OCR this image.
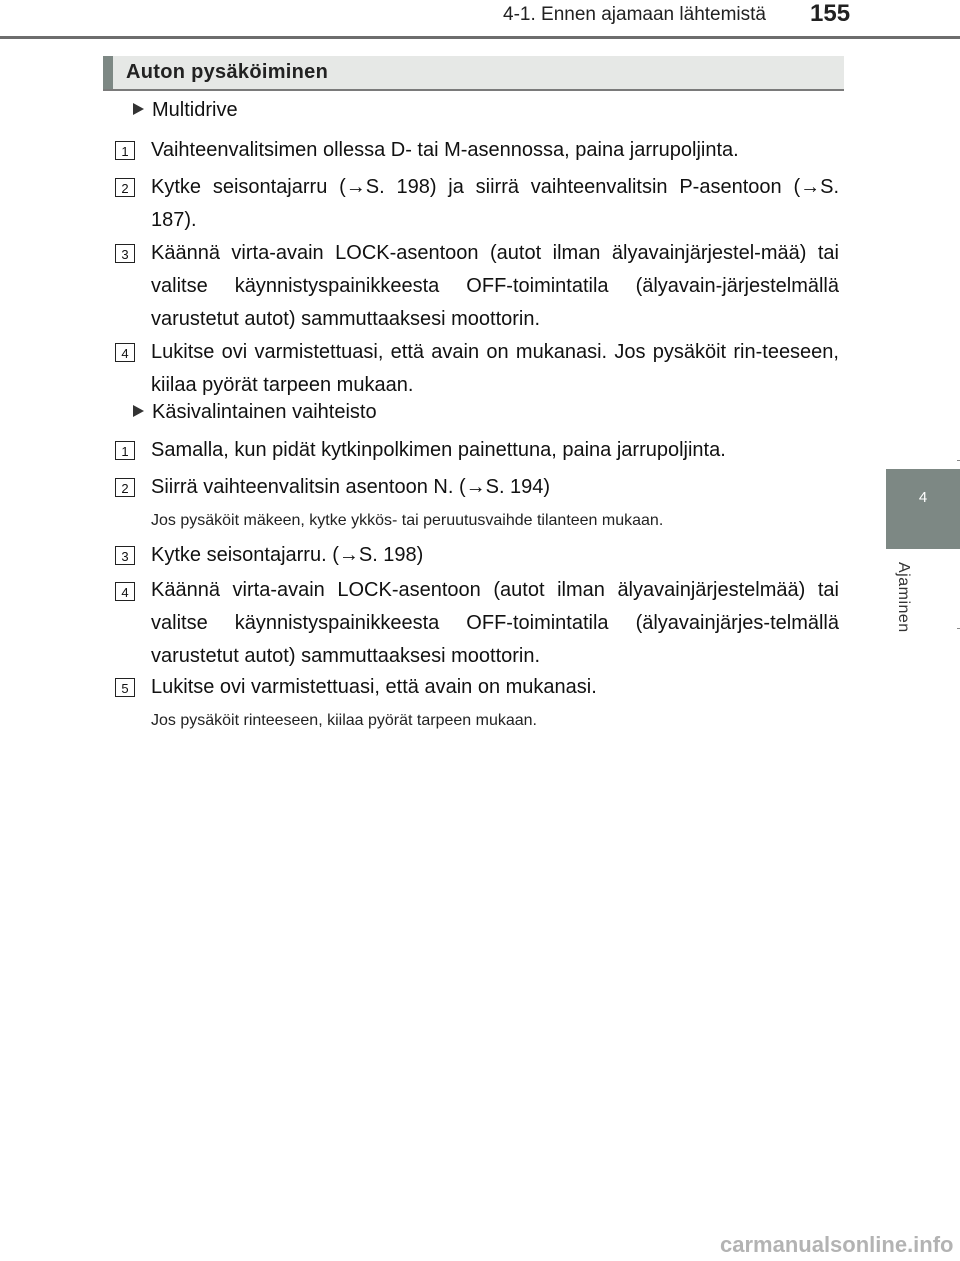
4-1. Ennen ajamaan lähtemistä 155
4
Ajaminen
Auton pysäköiminen
Multidrive
1	Vaihteenvalitsimen ollessa D- tai M-asennossa, paina jarrupoljinta.
2	Kytke seisontajarru (→S. 198) ja siirrä vaihteenvalitsin P-asentoon (→S. 187).
3	Käännä virta-avain LOCK-asentoon (autot ilman älyavainjärjestel-mää) tai valitse käynnistyspainikkeesta OFF-toimintatila (älyavain-järjestelmällä varustetut autot) sammuttaaksesi moottorin.
4	Lukitse ovi varmistettuasi, että avain on mukanasi. Jos pysäköit rin-teeseen, kiilaa pyörät tarpeen mukaan.
Käsivalintainen vaihteisto
1	Samalla, kun pidät kytkinpolkimen painettuna, paina jarrupoljinta.
2	Siirrä vaihteenvalitsin asentoon N. (→S. 194)
Jos pysäköit mäkeen, kytke ykkös- tai peruutusvaihde tilanteen mukaan.
3	Kytke seisontajarru. (→S. 198)
4	Käännä virta-avain LOCK-asentoon (autot ilman älyavainjärjestelmää) tai valitse käynnistyspainikkeesta OFF-toimintatila (älyavainjärjes-telmällä varustetut autot) sammuttaaksesi moottorin.
5	Lukitse ovi varmistettuasi, että avain on mukanasi.
Jos pysäköit rinteeseen, kiilaa pyörät tarpeen mukaan.
carmanualsonline.info
